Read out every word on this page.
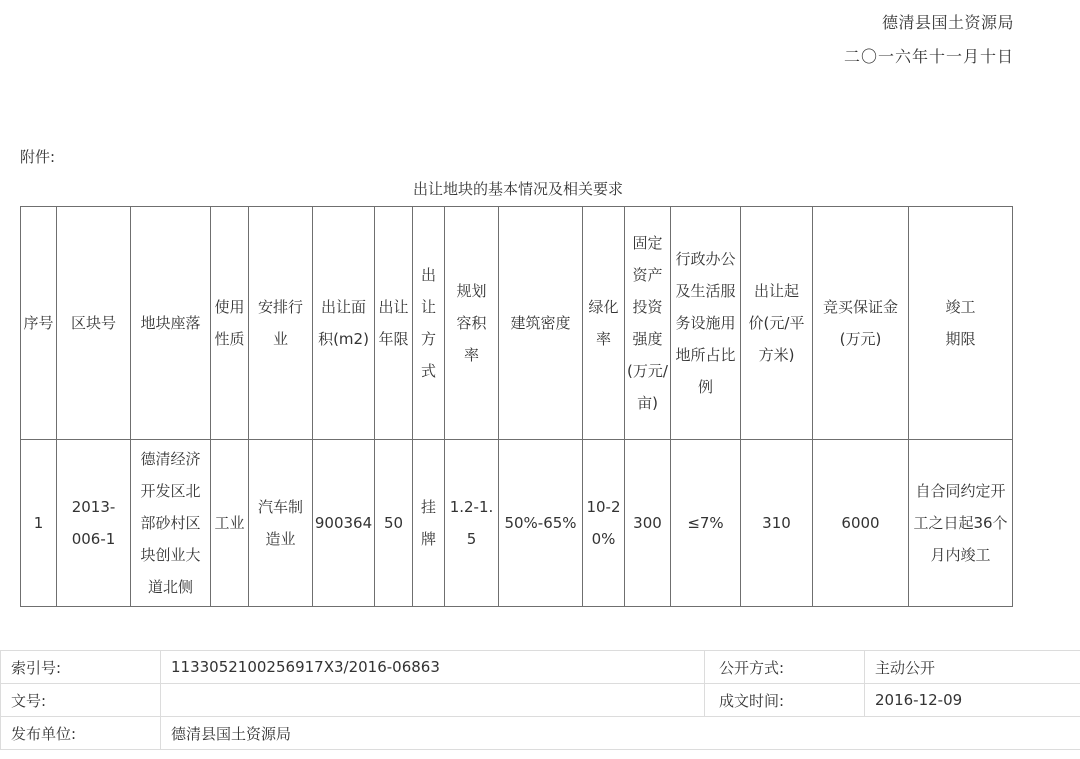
德清县国土资源局
二〇一六年十一月十日
附件:
出让地块的基本情况及相关要求
序号	区块号	地块座落	使用性质	安排行业	出让面积(m2)	出让年限	出让方式	规划容积率	建筑密度	绿化率	固定资产投资强度(万元/亩)	行政办公及生活服务设施用地所占比例	出让起价(元/平方米)	竞买保证金(万元)	竣工期限
1	2013-006-1	德清经济开发区北部砂村区块创业大道北侧	工业	汽车制造业	900364	50	挂牌	1.2-1.5	50%-65%	10-20%	300	≤7%	310	6000	自合同约定开工之日起36个月内竣工
索引号:	113305210025691​7X3/2016-06863	公开方式:	主动公开
文号:		成文时间:	2016-12-09
发布单位:	德清县国土资源局		
